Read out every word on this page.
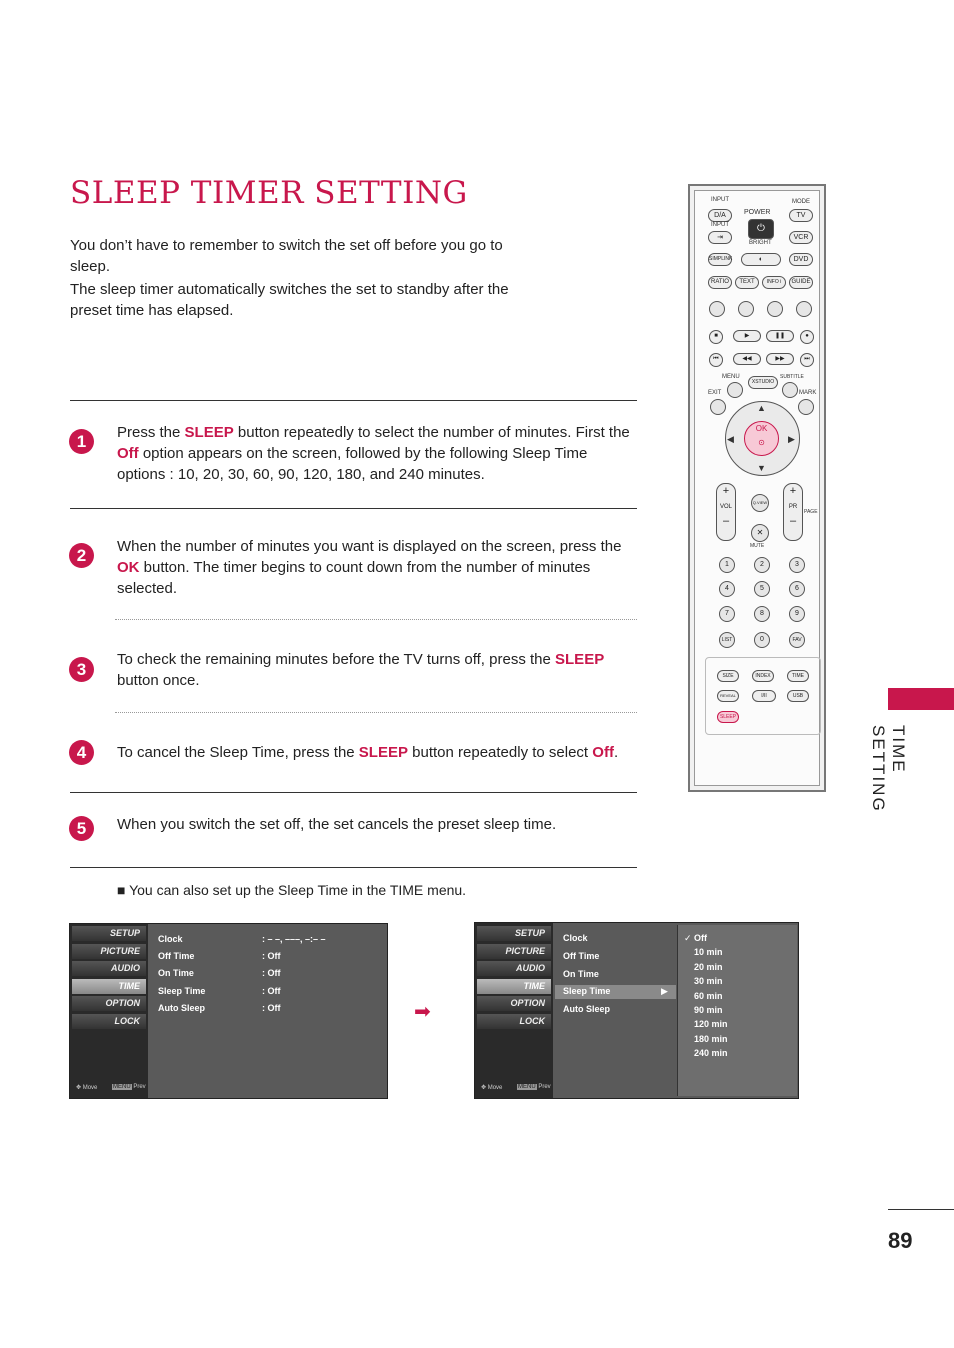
SLEEP TIMER SETTING
You don’t have to remember to switch the set off before you go to sleep.
The sleep timer automatically switches the set to standby after the preset time has elapsed.
TIME SETTING
89
1	Press the SLEEP button repeatedly to select the number of minutes. First the Off option appears on the screen, followed by the following Sleep Time options : 10, 20, 30, 60, 90, 120, 180, and 240 minutes.
2	When the number of minutes you want is displayed on the screen, press the OK button. The timer begins to count down from the number of minutes selected.
3
To check the remaining minutes before the TV turns off, press the SLEEP button once.
4	To cancel the Sleep Time, press the SLEEP button repeatedly to select Off.
5	When you switch the set off, the set cancels the preset sleep time.
■ You can also set up the Sleep Time in the TIME menu.
INPUT	MODE
POWER
D/A	TV
⏻
INPUT
⇥
BRIGHT
VCR
SIMPLINK	◐	DVD
RATIO	TEXT	INFO i	GUIDE
■	▶	❚❚	●
⏮	◀◀	▶▶	⏭
MENU
XSTUDIO
SUBTITLE
EXIT	MARK
▲
▼
◀	▶
OK
⊙
+
VOL
–
+
PR
–
Q.VIEW
PAGE
✕
MUTE
1	2	3
4	5	6
7	8	9
LIST	0	FAV
SIZE	INDEX	TIME
REVEAL	I/II	USB
SLEEP
SETUP
PICTURE
AUDIO
TIME
OPTION
LOCK
✥ Move	MENU Prev
Clock	: – –, –––, –:– –
Off Time	: Off
On Time	: Off
Sleep Time	: Off
Auto Sleep	: Off	➡
SETUP
PICTURE
AUDIO
TIME
OPTION
LOCK
✥ Move	MENU Prev
Clock
Off Time
On Time
Sleep Time	▶
Auto Sleep
✓ Off
10 min
20 min
30 min
60 min
90 min
120 min
180 min
240 min
